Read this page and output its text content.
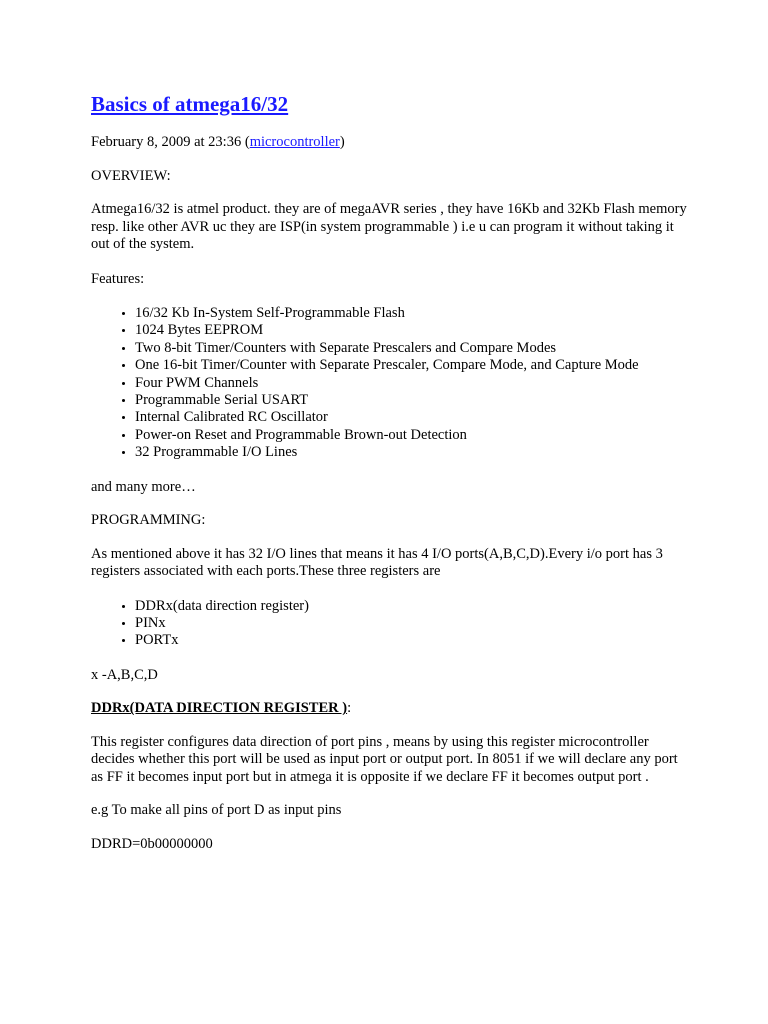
Basics of atmega16/32

February 8, 2009 at 23:36 (microcontroller)

OVERVIEW:

Atmega16/32 is atmel product. they are of megaAVR series , they have 16Kb and 32Kb Flash memory resp. like other AVR uc they are ISP(in system programmable ) i.e u can program it without taking it out of the system.

Features:

• 16/32 Kb In-System Self-Programmable Flash
• 1024 Bytes EEPROM
• Two 8-bit Timer/Counters with Separate Prescalers and Compare Modes
• One 16-bit Timer/Counter with Separate Prescaler, Compare Mode, and Capture Mode
• Four PWM Channels
• Programmable Serial USART
• Internal Calibrated RC Oscillator
• Power-on Reset and Programmable Brown-out Detection
• 32 Programmable I/O Lines

and many more…

PROGRAMMING:

As mentioned above it has 32 I/O lines that means it has 4 I/O ports(A,B,C,D).Every i/o port has 3 registers associated with each ports.These three registers are

• DDRx(data direction register)
• PINx
• PORTx

x -A,B,C,D

DDRx(DATA DIRECTION REGISTER ):

This register configures data direction of port pins , means by using this register microcontroller decides whether this port will be used as input port or output port. In 8051 if we will declare any port as FF it becomes input port but in atmega it is opposite if we declare FF it becomes output port .

e.g To make all pins of port D as input pins

DDRD=0b00000000
